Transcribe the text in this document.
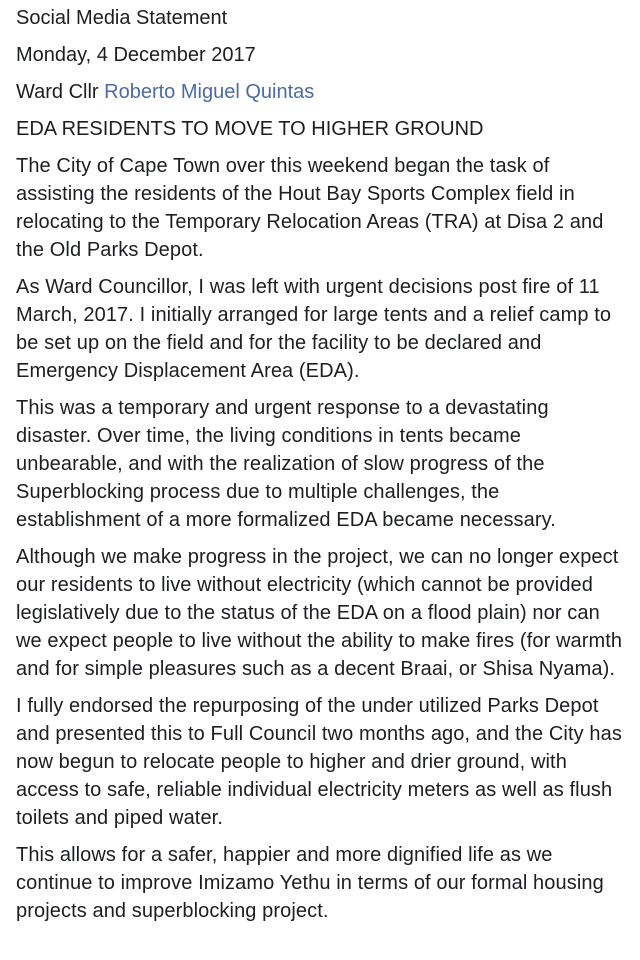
Social Media Statement
Monday, 4 December 2017
Ward Cllr Roberto Miguel Quintas
EDA RESIDENTS TO MOVE TO HIGHER GROUND

The City of Cape Town over this weekend began the task of assisting the residents of the Hout Bay Sports Complex field in relocating to the Temporary Relocation Areas (TRA) at Disa 2 and the Old Parks Depot.

As Ward Councillor, I was left with urgent decisions post fire of 11 March, 2017. I initially arranged for large tents and a relief camp to be set up on the field and for the facility to be declared and Emergency Displacement Area (EDA).

This was a temporary and urgent response to a devastating disaster. Over time, the living conditions in tents became unbearable, and with the realization of slow progress of the Superblocking process due to multiple challenges, the establishment of a more formalized EDA became necessary.

Although we make progress in the project, we can no longer expect our residents to live without electricity (which cannot be provided legislatively due to the status of the EDA on a flood plain) nor can we expect people to live without the ability to make fires (for warmth and for simple pleasures such as a decent Braai, or Shisa Nyama).

I fully endorsed the repurposing of the under utilized Parks Depot and presented this to Full Council two months ago, and the City has now begun to relocate people to higher and drier ground, with access to safe, reliable individual electricity meters as well as flush toilets and piped water.

This allows for a safer, happier and more dignified life as we continue to improve Imizamo Yethu in terms of our formal housing projects and superblocking project.
